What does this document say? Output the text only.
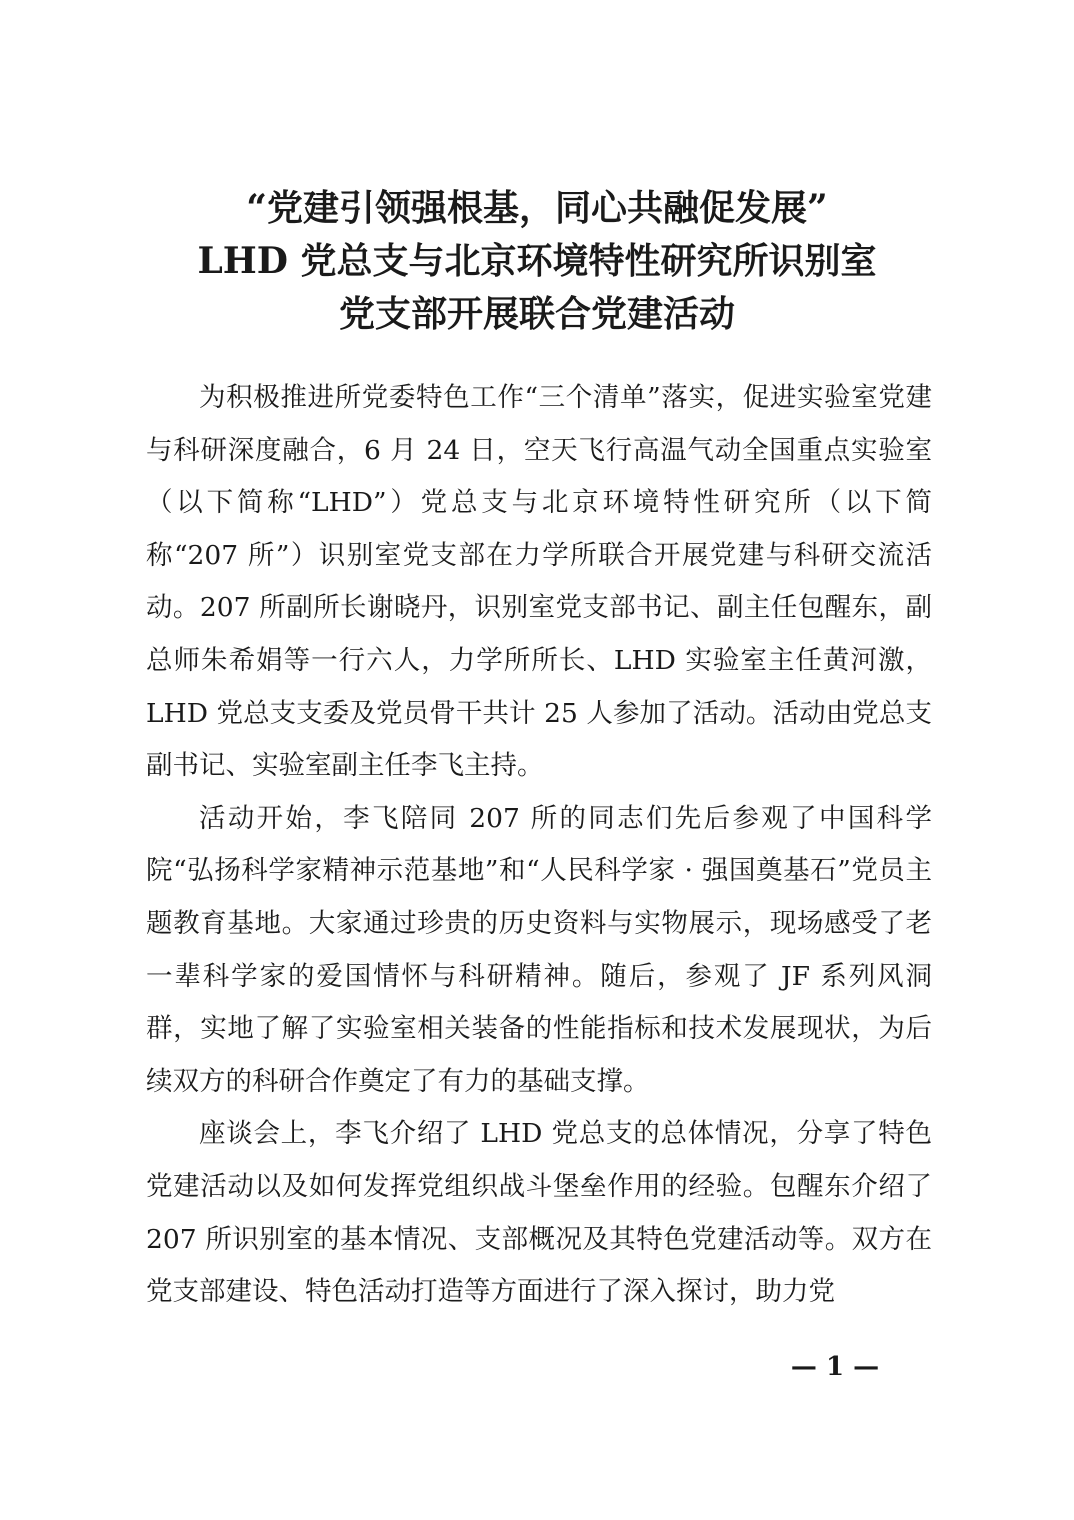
“党建引领强根基，同心共融促发展”
LHD 党总支与北京环境特性研究所识别室
党支部开展联合党建活动

为积极推进所党委特色工作“三个清单”落实，促进实验室党建与科研深度融合，6 月 24 日，空天飞行高温气动全国重点实验室（以下简称“LHD”）党总支与北京环境特性研究所（以下简称“207 所”）识别室党支部在力学所联合开展党建与科研交流活动。207 所副所长谢晓丹，识别室党支部书记、副主任包醒东，副总师朱希娟等一行六人，力学所所长、LHD 实验室主任黄河激，LHD 党总支支委及党员骨干共计 25 人参加了活动。活动由党总支副书记、实验室副主任李飞主持。

活动开始，李飞陪同 207 所的同志们先后参观了中国科学院“弘扬科学家精神示范基地”和“人民科学家 · 强国奠基石”党员主题教育基地。大家通过珍贵的历史资料与实物展示，现场感受了老一辈科学家的爱国情怀与科研精神。随后，参观了 JF 系列风洞群，实地了解了实验室相关装备的性能指标和技术发展现状，为后续双方的科研合作奠定了有力的基础支撑。

座谈会上，李飞介绍了 LHD 党总支的总体情况，分享了特色党建活动以及如何发挥党组织战斗堡垒作用的经验。包醒东介绍了 207 所识别室的基本情况、支部概况及其特色党建活动等。双方在党支部建设、特色活动打造等方面进行了深入探讨，助力党

— 1 —
